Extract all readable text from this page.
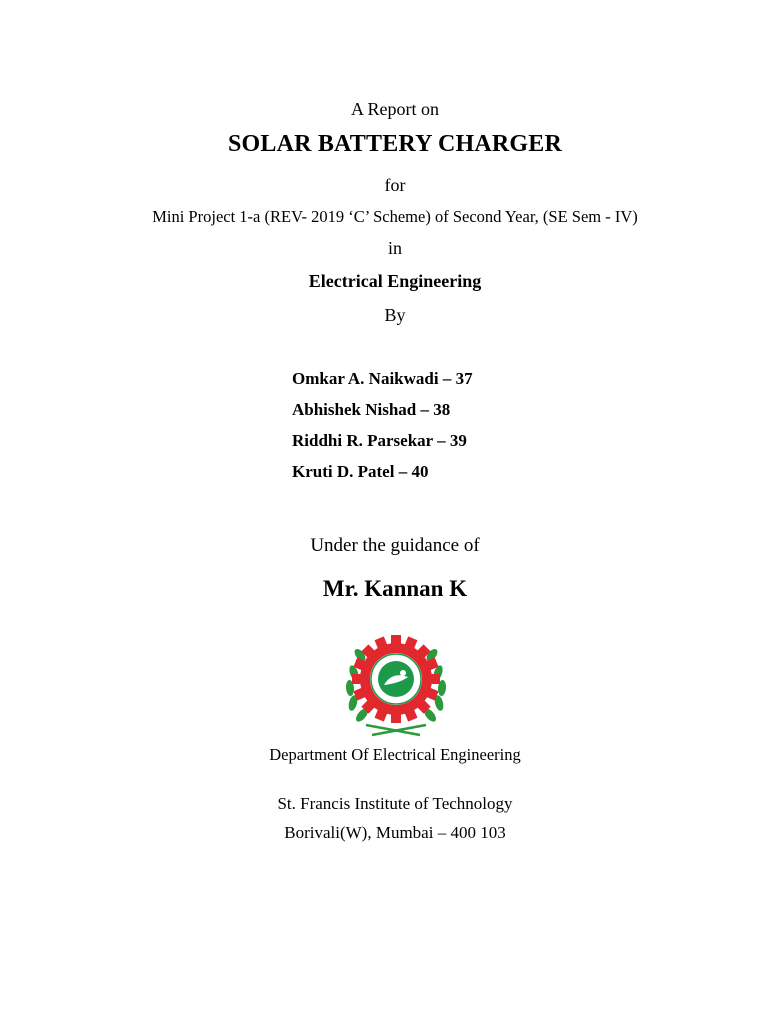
A Report on
SOLAR BATTERY CHARGER
for
Mini Project 1-a (REV- 2019 ‘C’ Scheme) of Second Year, (SE Sem - IV)
in
Electrical Engineering
By
Omkar A. Naikwadi – 37
Abhishek Nishad – 38
Riddhi R. Parsekar – 39
Kruti D. Patel – 40
Under the guidance of
Mr. Kannan K
Department Of Electrical Engineering
St. Francis Institute of Technology
Borivali(W), Mumbai – 400 103
